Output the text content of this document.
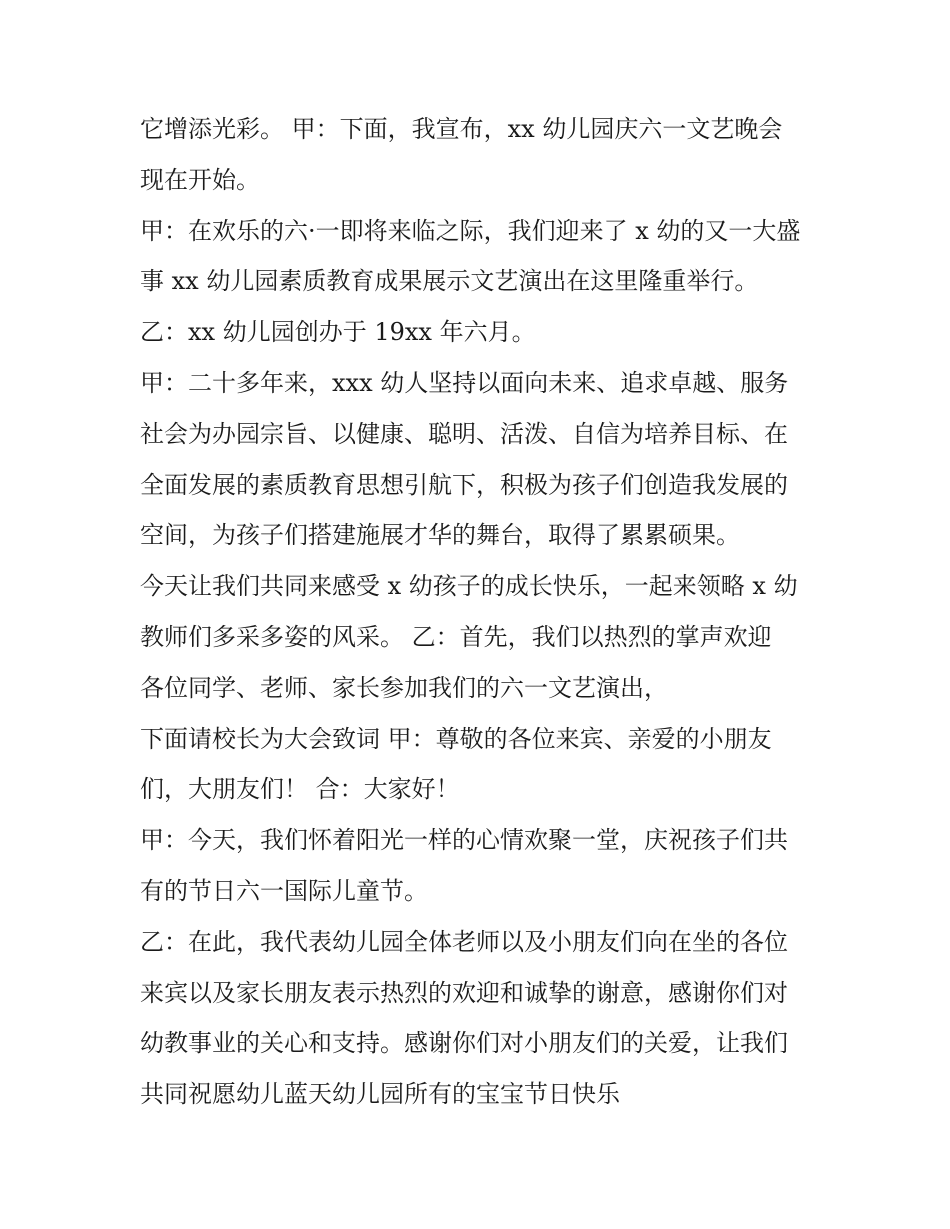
它增添光彩。 甲：下面，我宣布，xx 幼儿园庆六一文艺晚会
现在开始。
甲：在欢乐的六·一即将来临之际，我们迎来了 x 幼的又一大盛
事 xx 幼儿园素质教育成果展示文艺演出在这里隆重举行。
乙：xx 幼儿园创办于 19xx 年六月。
甲：二十多年来，xxx 幼人坚持以面向未来、追求卓越、服务
社会为办园宗旨、以健康、聪明、活泼、自信为培养目标、在
全面发展的素质教育思想引航下，积极为孩子们创造我发展的
空间，为孩子们搭建施展才华的舞台，取得了累累硕果。
今天让我们共同来感受 x 幼孩子的成长快乐，一起来领略 x 幼
教师们多采多姿的风采。 乙：首先，我们以热烈的掌声欢迎
各位同学、老师、家长参加我们的六一文艺演出，
下面请校长为大会致词 甲：尊敬的各位来宾、亲爱的小朋友
们，大朋友们！ 合：大家好！
甲：今天，我们怀着阳光一样的心情欢聚一堂，庆祝孩子们共
有的节日六一国际儿童节。
乙：在此，我代表幼儿园全体老师以及小朋友们向在坐的各位
来宾以及家长朋友表示热烈的欢迎和诚挚的谢意，感谢你们对
幼教事业的关心和支持。感谢你们对小朋友们的关爱，让我们
共同祝愿幼儿蓝天幼儿园所有的宝宝节日快乐
